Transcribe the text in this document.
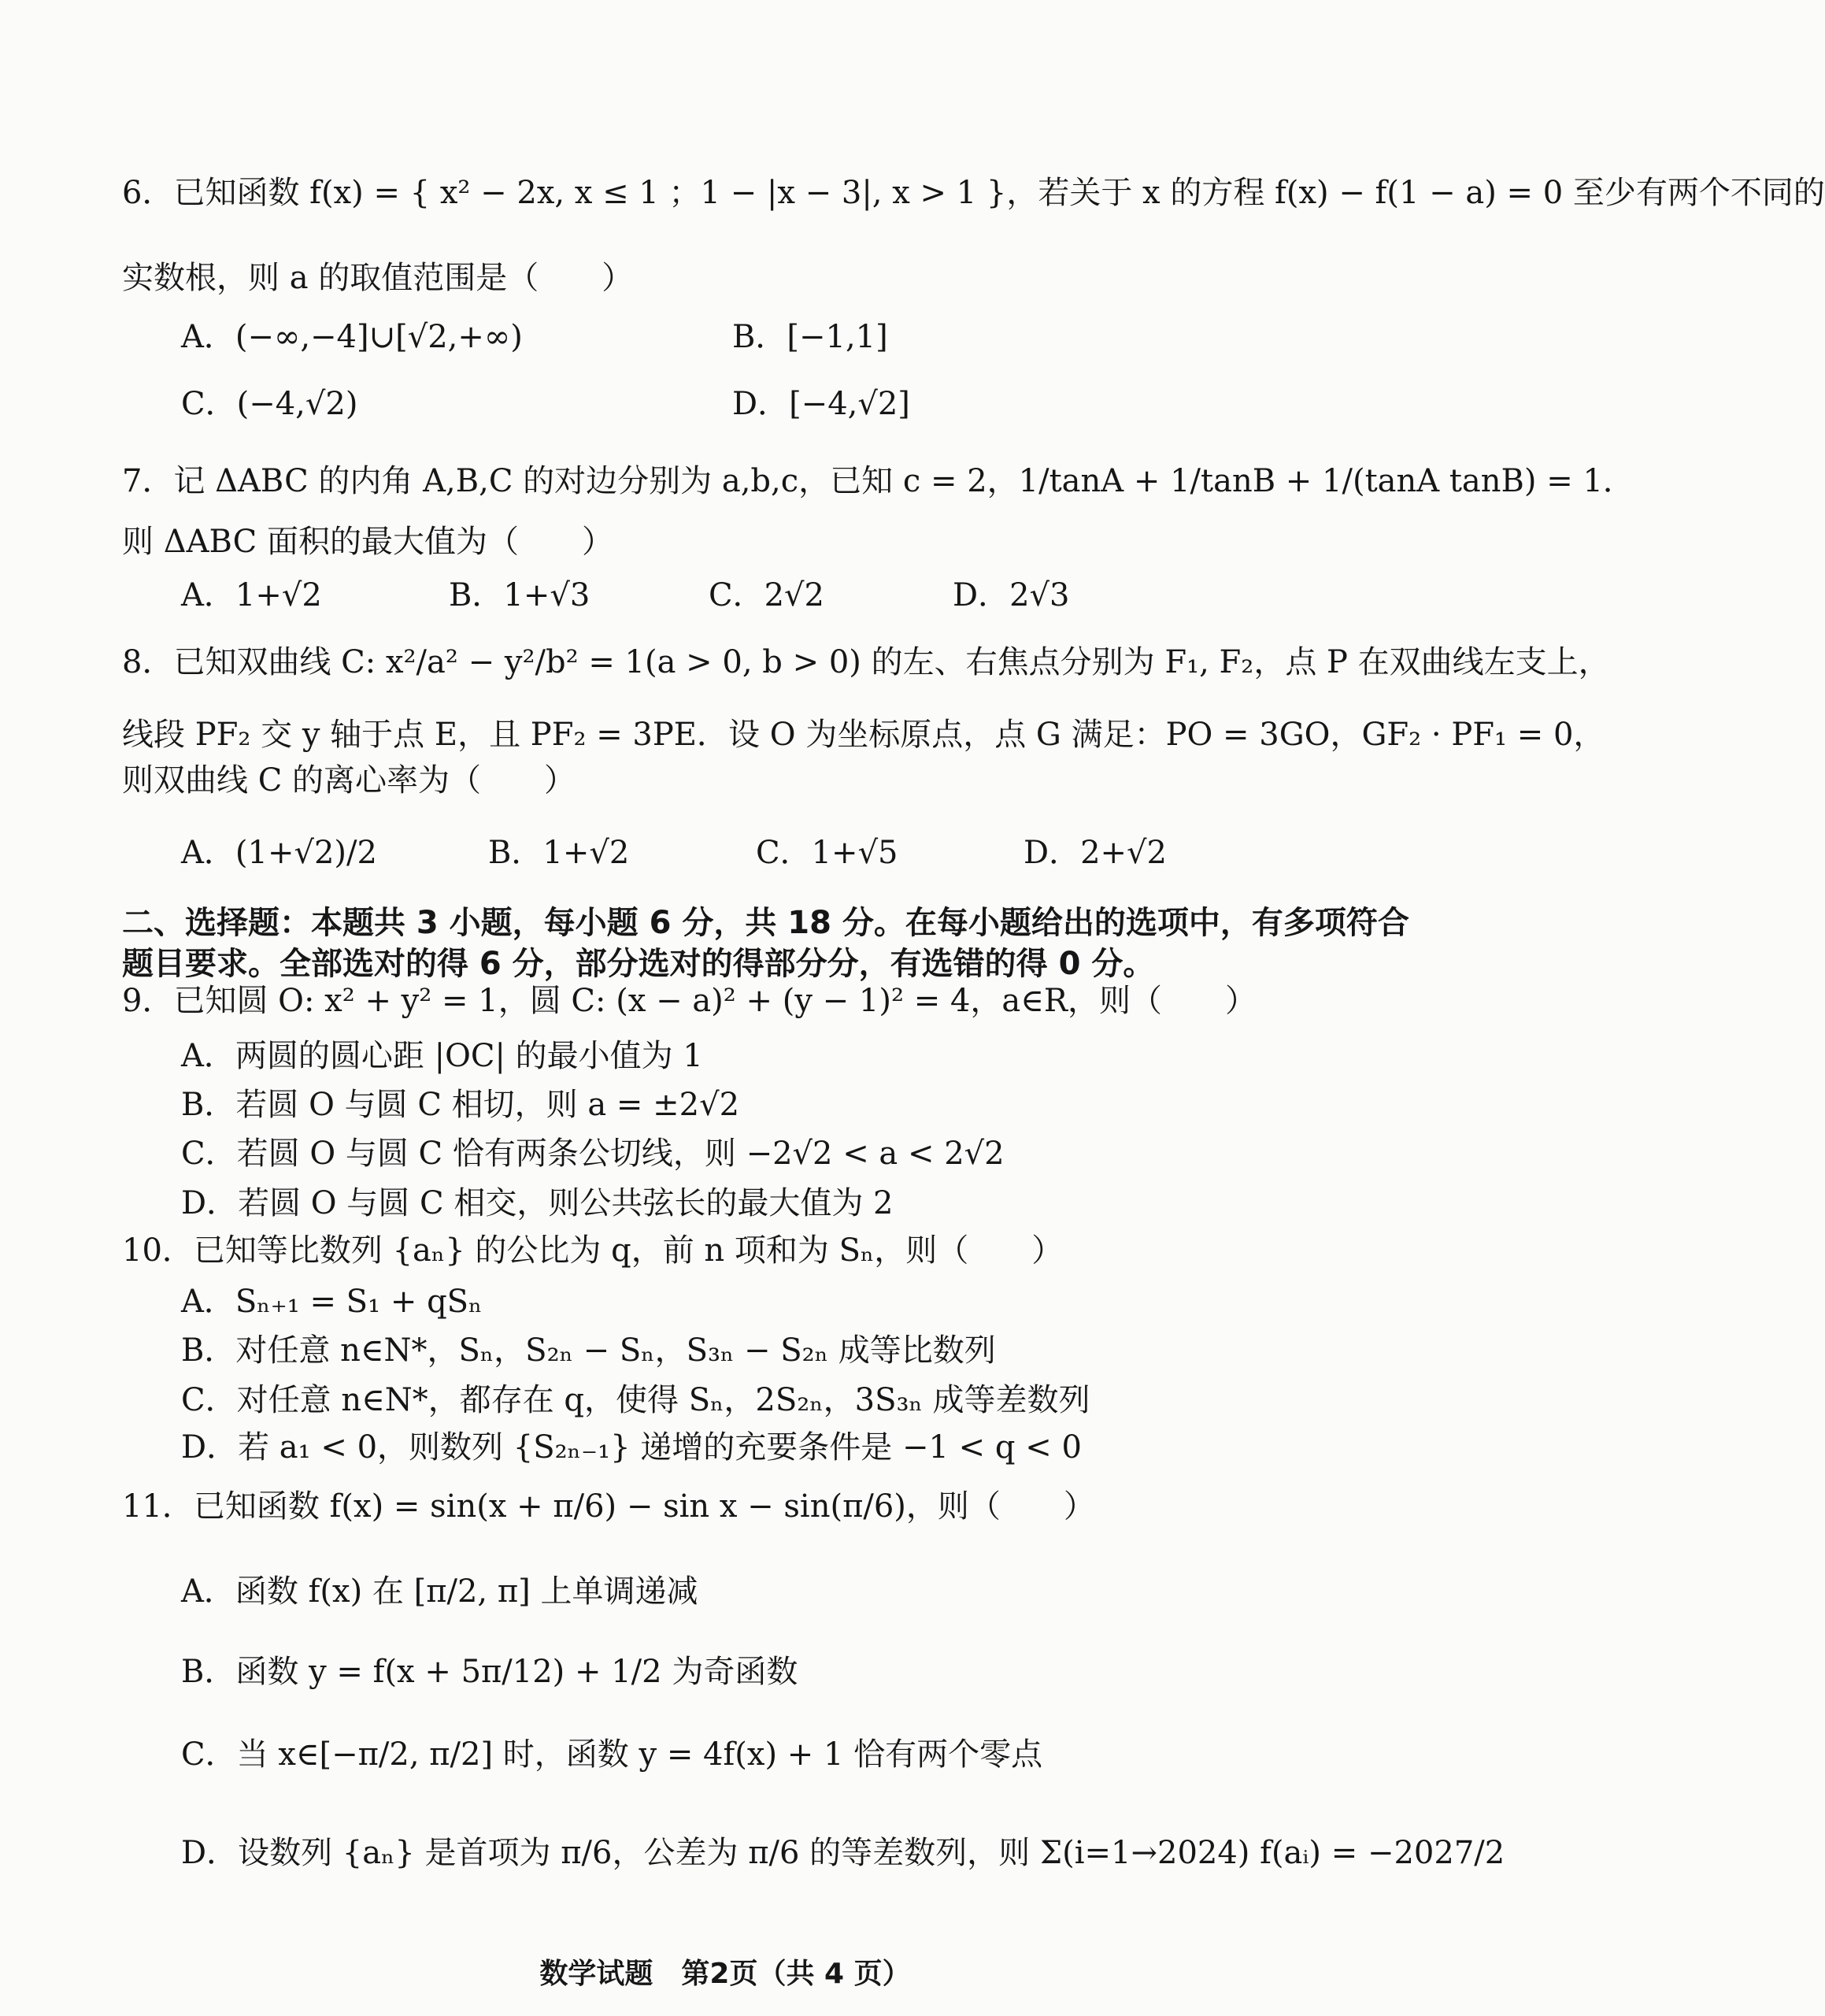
6．已知函数 f(x) = { x² − 2x, x ≤ 1 ；1 − |x − 3|, x > 1 }，若关于 x 的方程 f(x) − f(1 − a) = 0 至少有两个不同的
实数根，则 a 的取值范围是（　　）
A．(−∞,−4]∪[√2,+∞)	B．[−1,1]
C．(−4,√2)	D．[−4,√2]
7．记 ΔABC 的内角 A,B,C 的对边分别为 a,b,c，已知 c = 2，1/tanA + 1/tanB + 1/(tanA tanB) = 1．
则 ΔABC 面积的最大值为（　　）
A．1+√2	B．1+√3	C．2√2	D．2√3
8．已知双曲线 C: x²/a² − y²/b² = 1(a > 0, b > 0) 的左、右焦点分别为 F₁, F₂，点 P 在双曲线左支上，
线段 PF₂ 交 y 轴于点 E，且 PF₂ = 3PE．设 O 为坐标原点，点 G 满足：PO = 3GO，GF₂ · PF₁ = 0，
则双曲线 C 的离心率为（　　）
A．(1+√2)/2	B．1+√2	C．1+√5	D．2+√2
二、选择题：本题共 3 小题，每小题 6 分，共 18 分。在每小题给出的选项中，有多项符合
题目要求。全部选对的得 6 分，部分选对的得部分分，有选错的得 0 分。
9．已知圆 O: x² + y² = 1，圆 C: (x − a)² + (y − 1)² = 4，a∈R，则（　　）
A．两圆的圆心距 |OC| 的最小值为 1
B．若圆 O 与圆 C 相切，则 a = ±2√2
C．若圆 O 与圆 C 恰有两条公切线，则 −2√2 < a < 2√2
D．若圆 O 与圆 C 相交，则公共弦长的最大值为 2
10．已知等比数列 {aₙ} 的公比为 q，前 n 项和为 Sₙ，则（　　）
A．Sₙ₊₁ = S₁ + qSₙ
B．对任意 n∈N*，Sₙ，S₂ₙ − Sₙ，S₃ₙ − S₂ₙ 成等比数列
C．对任意 n∈N*，都存在 q，使得 Sₙ，2S₂ₙ，3S₃ₙ 成等差数列
D．若 a₁ < 0，则数列 {S₂ₙ₋₁} 递增的充要条件是 −1 < q < 0
11．已知函数 f(x) = sin(x + π/6) − sin x − sin(π/6)，则（　　）
A．函数 f(x) 在 [π/2, π] 上单调递减
B．函数 y = f(x + 5π/12) + 1/2 为奇函数
C．当 x∈[−π/2, π/2] 时，函数 y = 4f(x) + 1 恰有两个零点
D．设数列 {aₙ} 是首项为 π/6，公差为 π/6 的等差数列，则 Σ(i=1→2024) f(aᵢ) = −2027/2
数学试题　第2页（共 4 页）
